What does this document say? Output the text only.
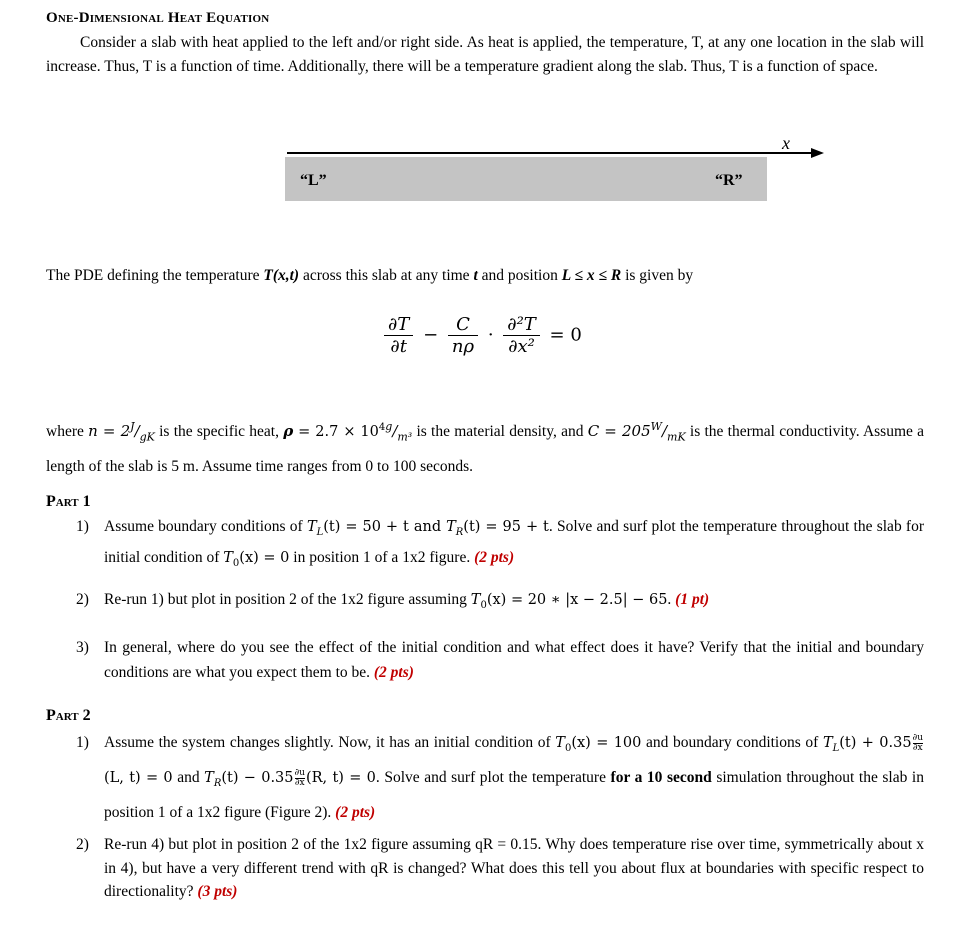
One-Dimensional Heat Equation
Consider a slab with heat applied to the left and/or right side. As heat is applied, the temperature, T, at any one location in the slab will increase. Thus, T is a function of time. Additionally, there will be a temperature gradient along the slab. Thus, T is a function of space.
x
“L”	“R”
The PDE defining the temperature T(x,t) across this slab at any time t and position L ≤ x ≤ R is given by
$\frac{\partial T}{\partial t} - \frac{C}{n\rho} \cdot \frac{\text{∂²T}}{\text{∂x²}} = 0$
where $n = 2^J/_{gK}$ is the specific heat, $\rho = 2.7 \times 10^{4g}/_{m^3}$ is the material density, and $C = 205^W/_{mK}$ is the thermal conductivity. Assume a length of the slab is 5 m. Assume time ranges from 0 to 100 seconds.
Part 1
1) Assume boundary conditions of $T_L(t) = 50 + t$ and $T_R(t) = 95 + t$. Solve and surf plot the temperature throughout the slab for initial condition of $T_0(x) = 0$ in position 1 of a 1x2 figure. (2 pts)
2) Re-run 1) but plot in position 2 of the 1x2 figure assuming $T_0(x) = 20$ ∗ |x − 2.5| − 65. (1 pt)
3) In general, where do you see the effect of the initial condition and what effect does it have? Verify that the initial and boundary conditions are what you expect them to be. (2 pts)
Part 2
1) Assume the system changes slightly. Now, it has an initial condition of $T_0(x) = 100$ and boundary conditions of $T_L(t) + 0.35 \frac{\partial u}{\partial x}$
(L, t) = 0 and $T_R(t) - 0.35 \frac{\partial u}{\partial x} (R$, t) = 0. Solve and surf plot the temperature for a 10 second simulation throughout the slab in position 1 of a 1x2 figure (Figure 2). (2 pts)
2) Re-run 4) but plot in position 2 of the 1x2 figure assuming qR = 0.15. Why does temperature rise over time, symmetrically about x in 4), but have a very different trend with qR is changed? What does this tell you about flux at boundaries with specific respect to directionality? (3 pts)
